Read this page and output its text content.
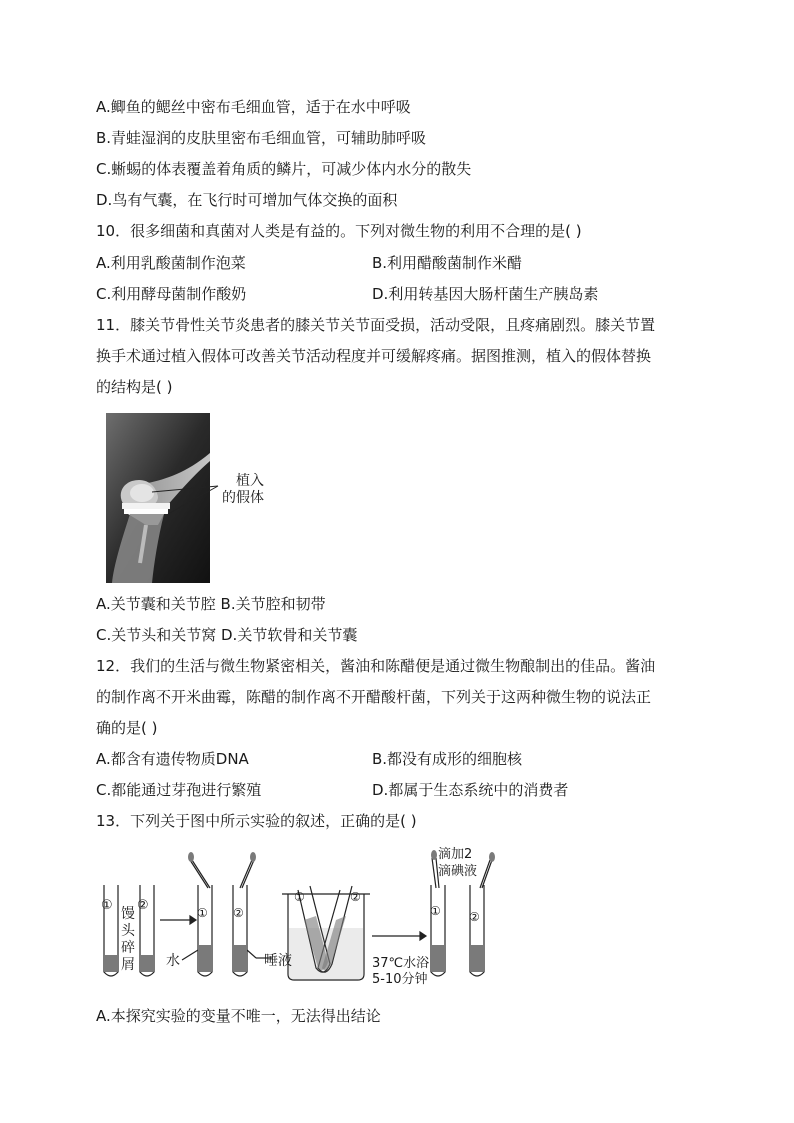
A.鲫鱼的鳃丝中密布毛细血管，适于在水中呼吸
B.青蛙湿润的皮肤里密布毛细血管，可辅助肺呼吸
C.蜥蜴的体表覆盖着角质的鳞片，可减少体内水分的散失
D.鸟有气囊，在飞行时可增加气体交换的面积
10．很多细菌和真菌对人类是有益的。下列对微生物的利用不合理的是( )
A.利用乳酸菌制作泡菜	B.利用醋酸菌制作米醋
C.利用酵母菌制作酸奶	D.利用转基因大肠杆菌生产胰岛素
11．膝关节骨性关节炎患者的膝关节关节面受损，活动受限，且疼痛剧烈。膝关节置
换手术通过植入假体可改善关节活动程度并可缓解疼痛。据图推测，植入的假体替换
的结构是( )
植入
的假体
A.关节囊和关节腔 B.关节腔和韧带
C.关节头和关节窝 D.关节软骨和关节囊
12．我们的生活与微生物紧密相关，酱油和陈醋便是通过微生物酿制出的佳品。酱油
的制作离不开米曲霉，陈醋的制作离不开醋酸杆菌，下列关于这两种微生物的说法正
确的是( )
A.都含有遗传物质DNA	B.都没有成形的细胞核
C.都能通过芽孢进行繁殖	D.都属于生态系统中的消费者
13．下列关于图中所示实验的叙述，正确的是( )
① ②
馒
头
碎
屑
① ②
水	唾液
①	②
37℃水浴
5-10分钟
滴加2
滴碘液
① ②
A.本探究实验的变量不唯一，无法得出结论
